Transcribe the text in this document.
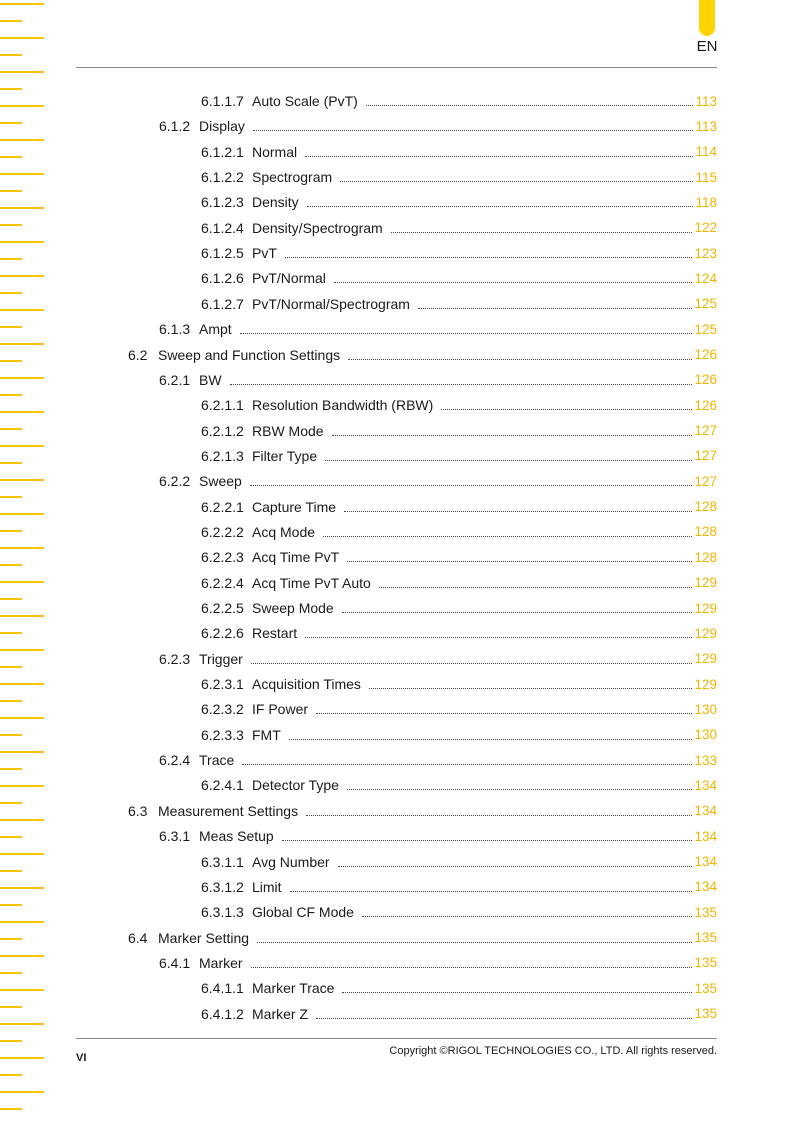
EN
6.1.1.7 Auto Scale (PvT)	113
6.1.2 Display	113
6.1.2.1 Normal	114
6.1.2.2 Spectrogram	115
6.1.2.3 Density	118
6.1.2.4 Density/Spectrogram	122
6.1.2.5 PvT	123
6.1.2.6 PvT/Normal	124
6.1.2.7 PvT/Normal/Spectrogram	125
6.1.3 Ampt	125
6.2 Sweep and Function Settings	126
6.2.1 BW	126
6.2.1.1 Resolution Bandwidth (RBW)	126
6.2.1.2 RBW Mode	127
6.2.1.3 Filter Type	127
6.2.2 Sweep	127
6.2.2.1 Capture Time	128
6.2.2.2 Acq Mode	128
6.2.2.3 Acq Time PvT	128
6.2.2.4 Acq Time PvT Auto	129
6.2.2.5 Sweep Mode	129
6.2.2.6 Restart	129
6.2.3 Trigger	129
6.2.3.1 Acquisition Times	129
6.2.3.2 IF Power	130
6.2.3.3 FMT	130
6.2.4 Trace	133
6.2.4.1 Detector Type	134
6.3 Measurement Settings	134
6.3.1 Meas Setup	134
6.3.1.1 Avg Number	134
6.3.1.2 Limit	134
6.3.1.3 Global CF Mode	135
6.4 Marker Setting	135
6.4.1 Marker	135
6.4.1.1 Marker Trace	135
6.4.1.2 Marker Z	135
VI
Copyright ©RIGOL TECHNOLOGIES CO., LTD. All rights reserved.
